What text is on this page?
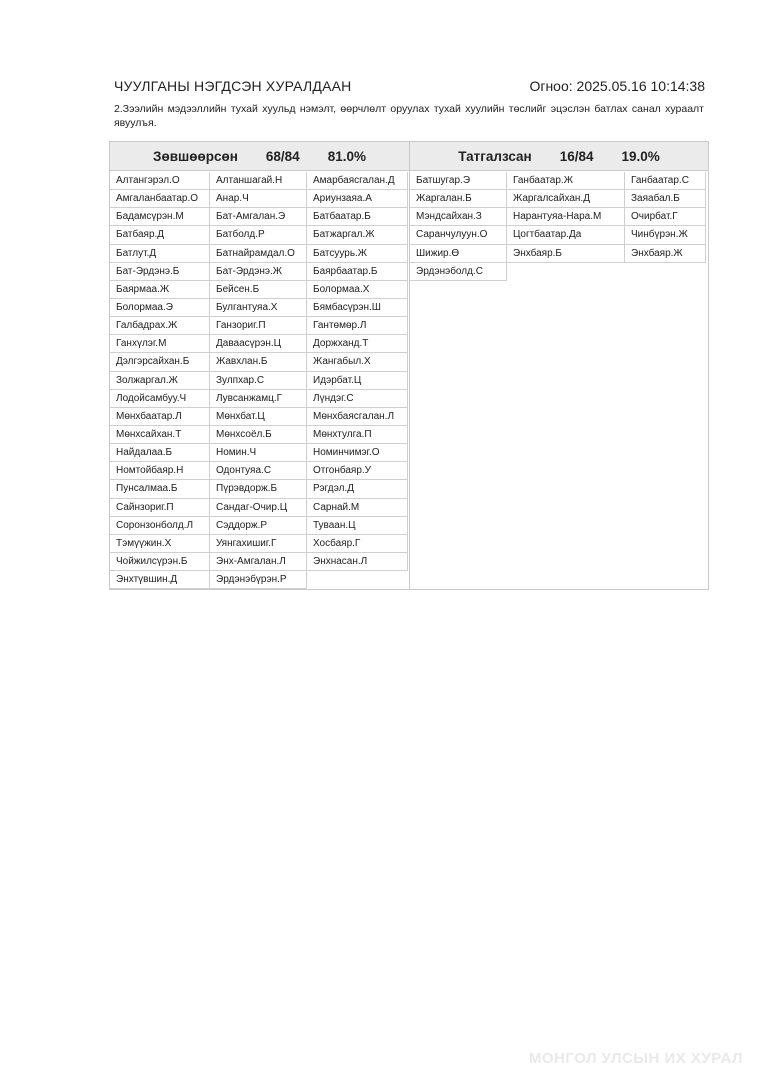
ЧУУЛГАНЫ НЭГДСЭН ХУРАЛДААН	Огноо: 2025.05.16 10:14:38
2.Зээлийн мэдээллийн тухай хуульд нэмэлт, өөрчлөлт оруулах тухай хуулийн төслийг эцэслэн батлах санал хураалт явуулъя.
Зөвшөөрсөн 68/84 81.0%
Алтангэрэл.О	Алтаншагай.Н	Амарбаясгалан.Д
Амгаланбаатар.О	Анар.Ч	Ариунзаяа.А
Бадамсүрэн.М	Бат-Амгалан.Э	Батбаатар.Б
Батбаяр.Д	Батболд.Р	Батжаргал.Ж
Батлут.Д	Батнайрамдал.О	Батсуурь.Ж
Бат-Эрдэнэ.Б	Бат-Эрдэнэ.Ж	Баярбаатар.Б
Баярмаа.Ж	Бейсен.Б	Болормаа.Х
Болормаа.Э	Булгантуяа.Х	Бямбасүрэн.Ш
Галбадрах.Ж	Ганзориг.П	Гантөмөр.Л
Ганхүлэг.М	Даваасүрэн.Ц	Доржханд.Т
Дэлгэрсайхан.Б	Жавхлан.Б	Жангабыл.Х
Золжаргал.Ж	Зулпхар.С	Идэрбат.Ц
Лодойсамбуу.Ч	Лувсанжамц.Г	Лүндэг.С
Мөнхбаатар.Л	Мөнхбат.Ц	Мөнхбаясгалан.Л
Мөнхсайхан.Т	Мөнхсоёл.Б	Мөнхтулга.П
Найдалаа.Б	Номин.Ч	Номинчимэг.О
Номтойбаяр.Н	Одонтуяа.С	Отгонбаяр.У
Пунсалмаа.Б	Пүрэвдорж.Б	Рэгдэл.Д
Сайнзориг.П	Сандаг-Очир.Ц	Сарнай.М
Соронзонболд.Л	Сэддорж.Р	Туваан.Ц
Тэмүүжин.Х	Уянгахишиг.Г	Хосбаяр.Г
Чойжилсүрэн.Б	Энх-Амгалан.Л	Энхнасан.Л
Энхтүвшин.Д	Эрдэнэбүрэн.Р
Татгалзсан 16/84 19.0%
Батшугар.Э	Ганбаатар.Ж	Ганбаатар.С
Жаргалан.Б	Жаргалсайхан.Д	Заяабал.Б
Мэндсайхан.З	Нарантуяа-Нара.М	Очирбат.Г
Саранчулуун.О	Цогтбаатар.Да	Чинбүрэн.Ж
Шижир.Ө	Энхбаяр.Б	Энхбаяр.Ж
Эрдэнэболд.С
МОНГОЛ УЛСЫН ИХ ХУРАЛ
